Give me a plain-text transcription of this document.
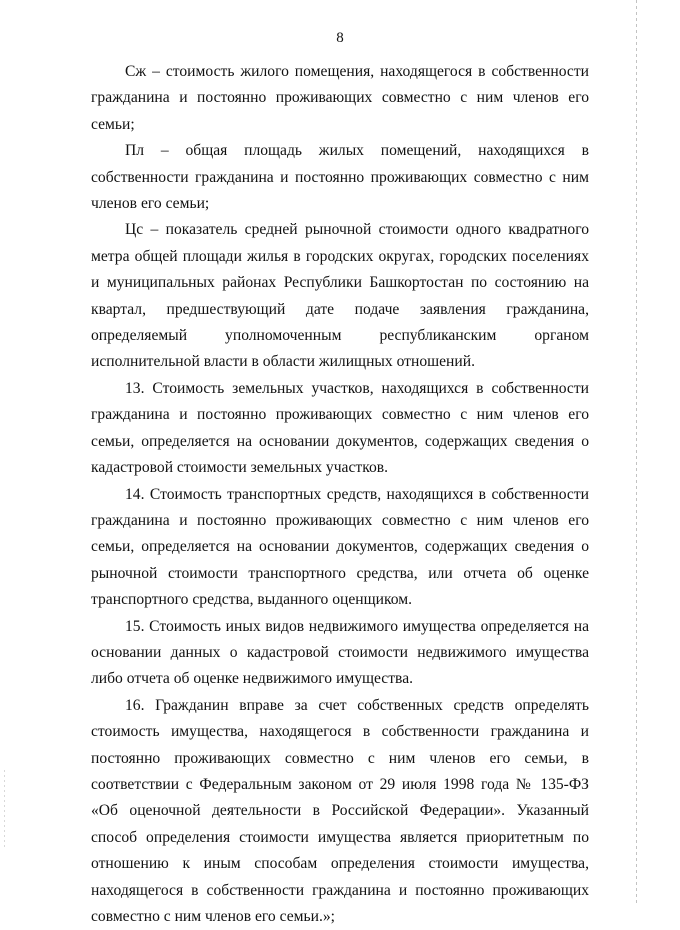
8

Сж – стоимость жилого помещения, находящегося в собственности гражданина и постоянно проживающих совместно с ним членов его семьи;

Пл – общая площадь жилых помещений, находящихся в собственности гражданина и постоянно проживающих совместно с ним членов его семьи;

Цс – показатель средней рыночной стоимости одного квадратного метра общей площади жилья в городских округах, городских поселениях и муниципальных районах Республики Башкортостан по состоянию на квартал, предшествующий дате подаче заявления гражданина, определяемый уполномоченным республиканским органом исполнительной власти в области жилищных отношений.

13. Стоимость земельных участков, находящихся в собственности гражданина и постоянно проживающих совместно с ним членов его семьи, определяется на основании документов, содержащих сведения о кадастровой стоимости земельных участков.

14. Стоимость транспортных средств, находящихся в собственности гражданина и постоянно проживающих совместно с ним членов его семьи, определяется на основании документов, содержащих сведения о рыночной стоимости транспортного средства, или отчета об оценке транспортного средства, выданного оценщиком.

15. Стоимость иных видов недвижимого имущества определяется на основании данных о кадастровой стоимости недвижимого имущества либо отчета об оценке недвижимого имущества.

16. Гражданин вправе за счет собственных средств определять стоимость имущества, находящегося в собственности гражданина и постоянно проживающих совместно с ним членов его семьи, в соответствии с Федеральным законом от 29 июля 1998 года № 135-ФЗ «Об оценочной деятельности в Российской Федерации». Указанный способ определения стоимости имущества является приоритетным по отношению к иным способам определения стоимости имущества, находящегося в собственности гражданина и постоянно проживающих совместно с ним членов его семьи.»;
